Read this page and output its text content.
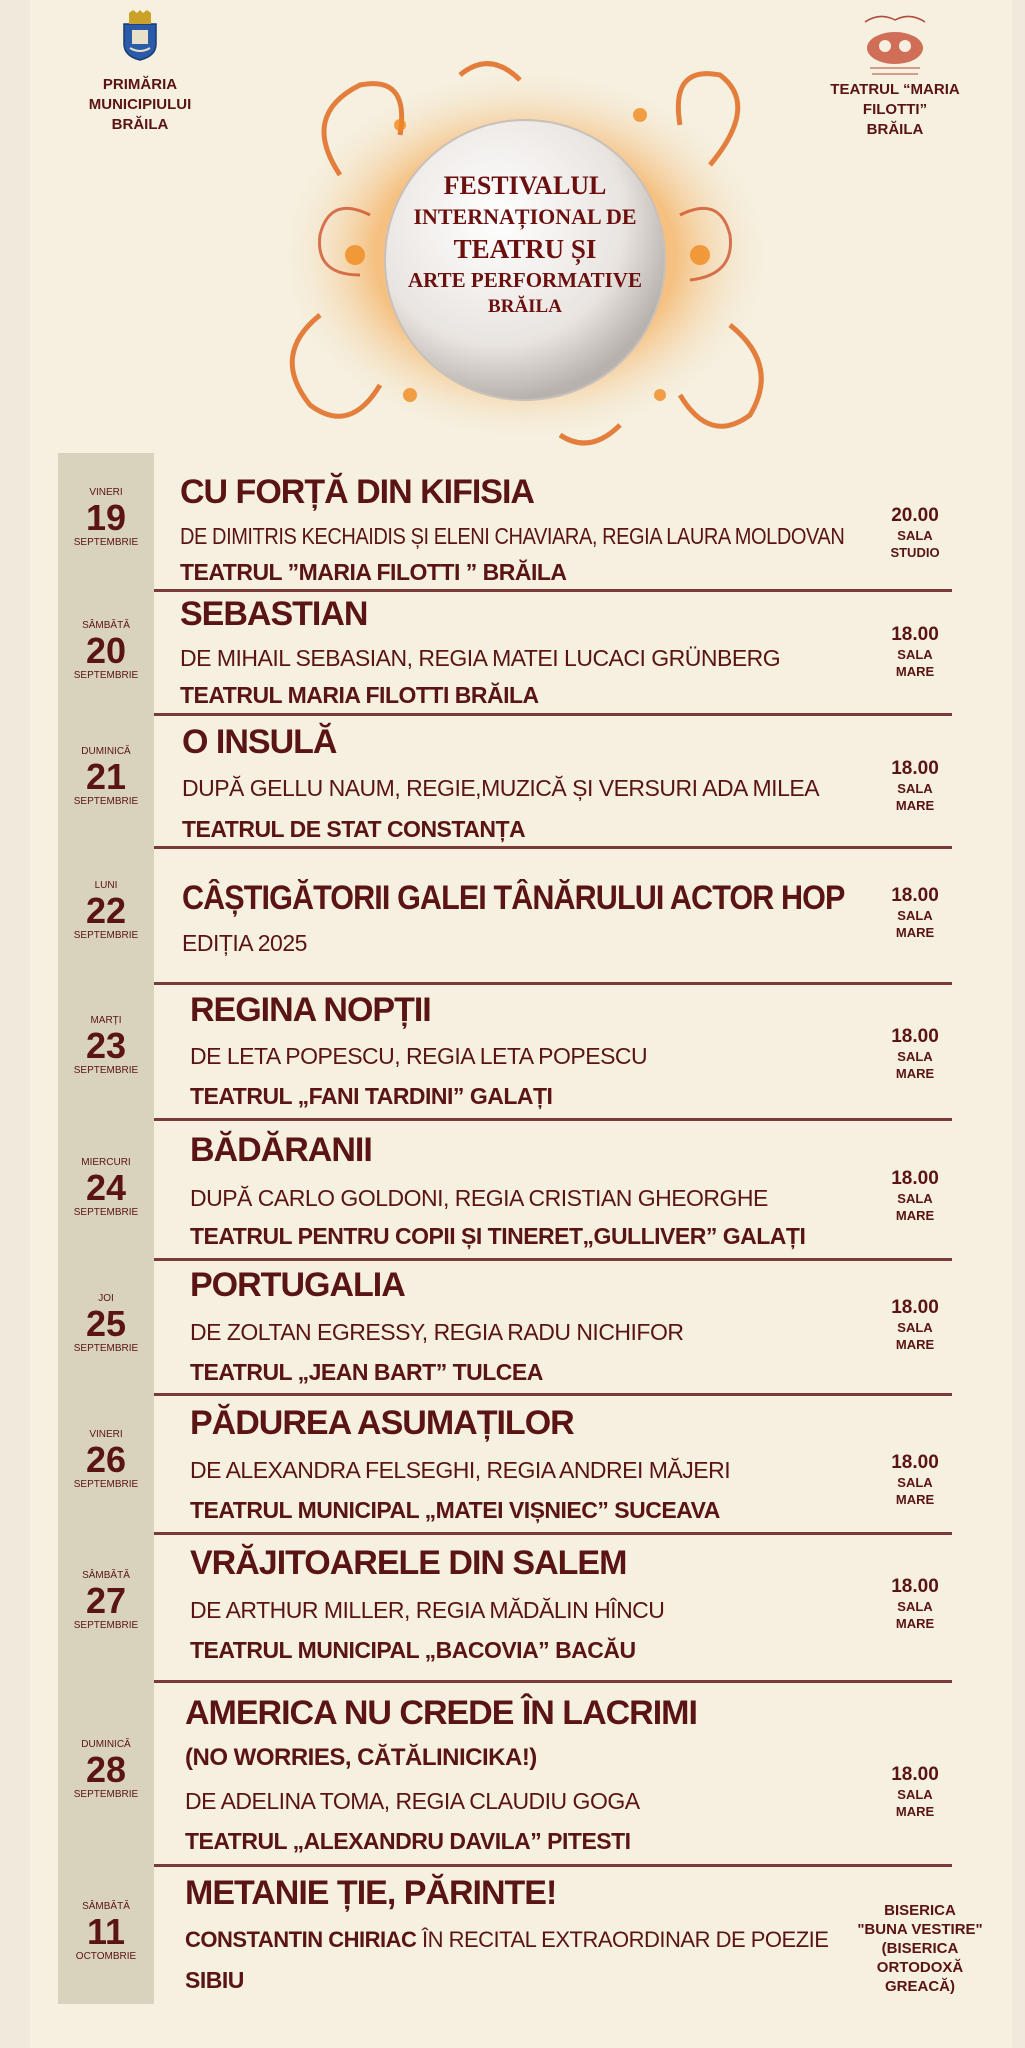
PRIMĂRIA MUNICIPIULUI
BRĂILA
TEATRUL “MARIA FILOTTI”
BRĂILA
FESTIVALUL
INTERNAȚIONAL DE
TEATRU ȘI
ARTE PERFORMATIVE
BRĂILA
VINERI
19
SEPTEMBRIE
CU FORȚĂ DIN KIFISIA
DE DIMITRIS KECHAIDIS ȘI ELENI CHAVIARA, REGIA LAURA MOLDOVAN
TEATRUL ”MARIA FILOTTI ” BRĂILA
20.00
SALA
STUDIO
SÂMBĂTĂ
20
SEPTEMBRIE
SEBASTIAN
DE MIHAIL SEBASIAN, REGIA MATEI LUCACI GRÜNBERG
TEATRUL MARIA FILOTTI BRĂILA
18.00
SALA
MARE
DUMINICĂ
21
SEPTEMBRIE
O INSULĂ
DUPĂ GELLU NAUM, REGIE,MUZICĂ ȘI VERSURI ADA MILEA
TEATRUL DE STAT CONSTANȚA
18.00
SALA
MARE
LUNI
22
SEPTEMBRIE
CÂȘTIGĂTORII GALEI TÂNĂRULUI ACTOR HOP
EDIȚIA 2025
18.00
SALA
MARE
MARȚI
23
SEPTEMBRIE
REGINA NOPȚII
DE LETA POPESCU, REGIA LETA POPESCU
TEATRUL „FANI TARDINI” GALAȚI
18.00
SALA
MARE
MIERCURI
24
SEPTEMBRIE
BĂDĂRANII
DUPĂ CARLO GOLDONI, REGIA CRISTIAN GHEORGHE
TEATRUL PENTRU COPII ȘI TINERET„GULLIVER” GALAȚI
18.00
SALA
MARE
JOI
25
SEPTEMBRIE
PORTUGALIA
DE ZOLTAN EGRESSY, REGIA RADU NICHIFOR
TEATRUL „JEAN BART” TULCEA
18.00
SALA
MARE
VINERI
26
SEPTEMBRIE
PĂDUREA ASUMAȚILOR
DE ALEXANDRA FELSEGHI, REGIA ANDREI MĂJERI
TEATRUL MUNICIPAL „MATEI VIȘNIEC” SUCEAVA
18.00
SALA
MARE
SÂMBĂTĂ
27
SEPTEMBRIE
VRĂJITOARELE DIN SALEM
DE ARTHUR MILLER, REGIA MĂDĂLIN HÎNCU
TEATRUL MUNICIPAL „BACOVIA” BACĂU
18.00
SALA
MARE
DUMINICĂ
28
SEPTEMBRIE
AMERICA NU CREDE ÎN LACRIMI
(NO WORRIES, CĂTĂLINICIKA!)
DE ADELINA TOMA, REGIA CLAUDIU GOGA
TEATRUL „ALEXANDRU DAVILA” PITESTI
18.00
SALA
MARE
SÂMBĂTĂ
11
OCTOMBRIE
METANIE ȚIE, PĂRINTE!
CONSTANTIN CHIRIAC ÎN RECITAL EXTRAORDINAR DE POEZIE
SIBIU
BISERICA
"BUNA VESTIRE"
(BISERICA
ORTODOXĂ
GREACĂ)
